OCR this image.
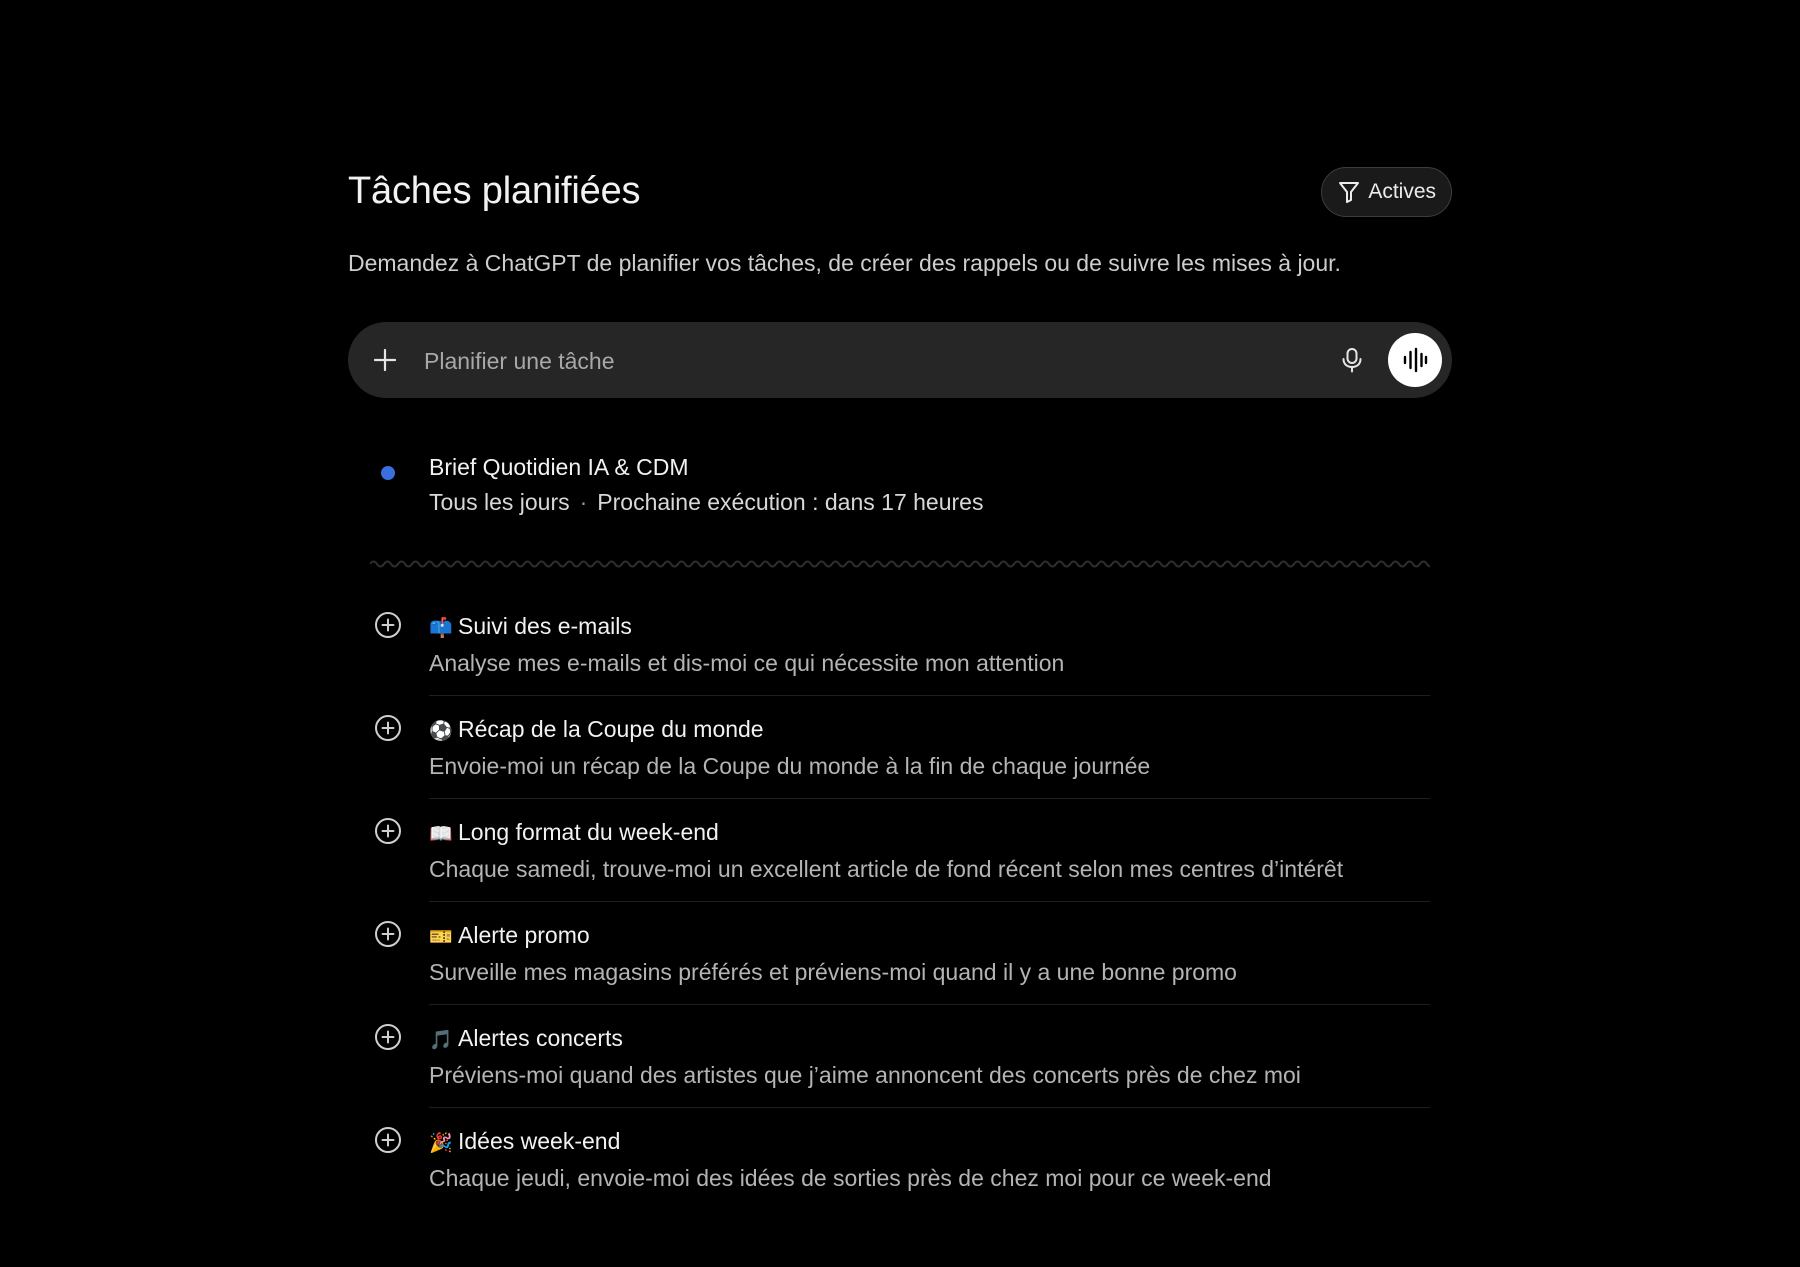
Tâches planifiées	Actives
Demandez à ChatGPT de planifier vos tâches, de créer des rappels ou de suivre les mises à jour.
Planifier une tâche
Brief Quotidien IA & CDM
Tous les jours · Prochaine exécution : dans 17 heures
📫 Suivi des e-mails
Analyse mes e-mails et dis-moi ce qui nécessite mon attention
⚽ Récap de la Coupe du monde
Envoie-moi un récap de la Coupe du monde à la fin de chaque journée
📖 Long format du week-end
Chaque samedi, trouve-moi un excellent article de fond récent selon mes centres d’intérêt
🎫 Alerte promo
Surveille mes magasins préférés et préviens-moi quand il y a une bonne promo
🎵 Alertes concerts
Préviens-moi quand des artistes que j’aime annoncent des concerts près de chez moi
🎉 Idées week-end
Chaque jeudi, envoie-moi des idées de sorties près de chez moi pour ce week-end
